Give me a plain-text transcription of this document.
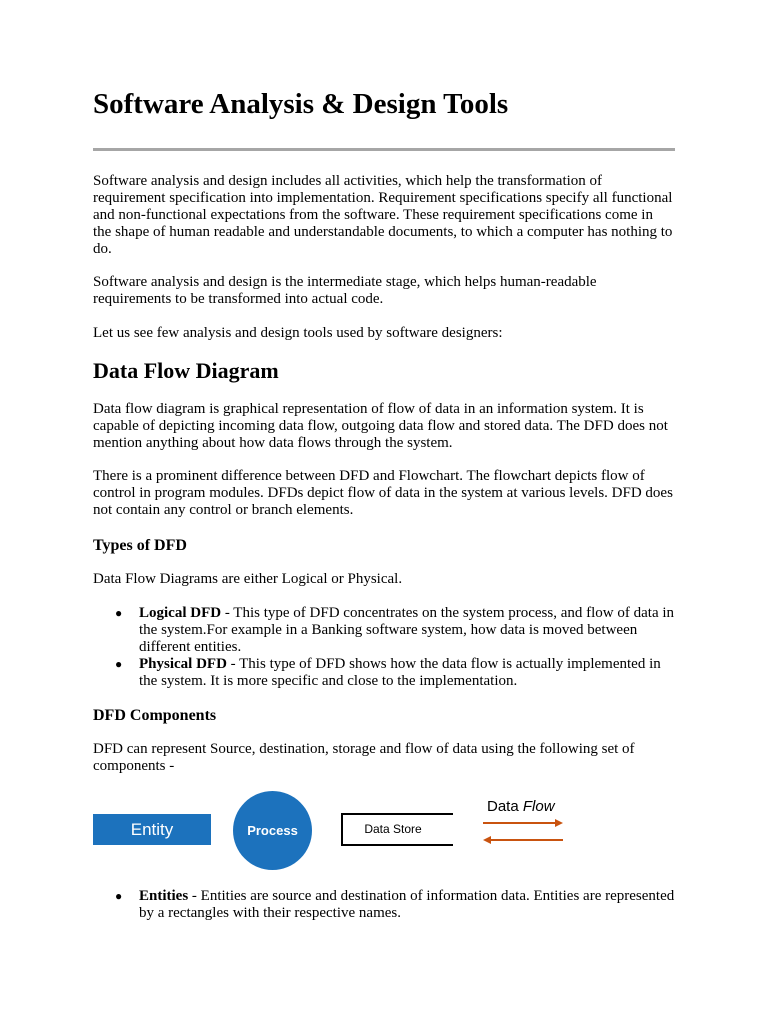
Software Analysis & Design Tools

Software analysis and design includes all activities, which help the transformation of requirement specification into implementation. Requirement specifications specify all functional and non-functional expectations from the software. These requirement specifications come in the shape of human readable and understandable documents, to which a computer has nothing to do.

Software analysis and design is the intermediate stage, which helps human-readable requirements to be transformed into actual code.

Let us see few analysis and design tools used by software designers:

Data Flow Diagram

Data flow diagram is graphical representation of flow of data in an information system. It is capable of depicting incoming data flow, outgoing data flow and stored data. The DFD does not mention anything about how data flows through the system.

There is a prominent difference between DFD and Flowchart. The flowchart depicts flow of control in program modules. DFDs depict flow of data in the system at various levels. DFD does not contain any control or branch elements.

Types of DFD

Data Flow Diagrams are either Logical or Physical.

● Logical DFD - This type of DFD concentrates on the system process, and flow of data in the system.For example in a Banking software system, how data is moved between different entities.
● Physical DFD - This type of DFD shows how the data flow is actually implemented in the system. It is more specific and close to the implementation.
DFD Components

DFD can represent Source, destination, storage and flow of data using the following set of components -

Entity	Process	Data Store
Data Flow
● Entities - Entities are source and destination of information data. Entities are represented by a rectangles with their respective names.
